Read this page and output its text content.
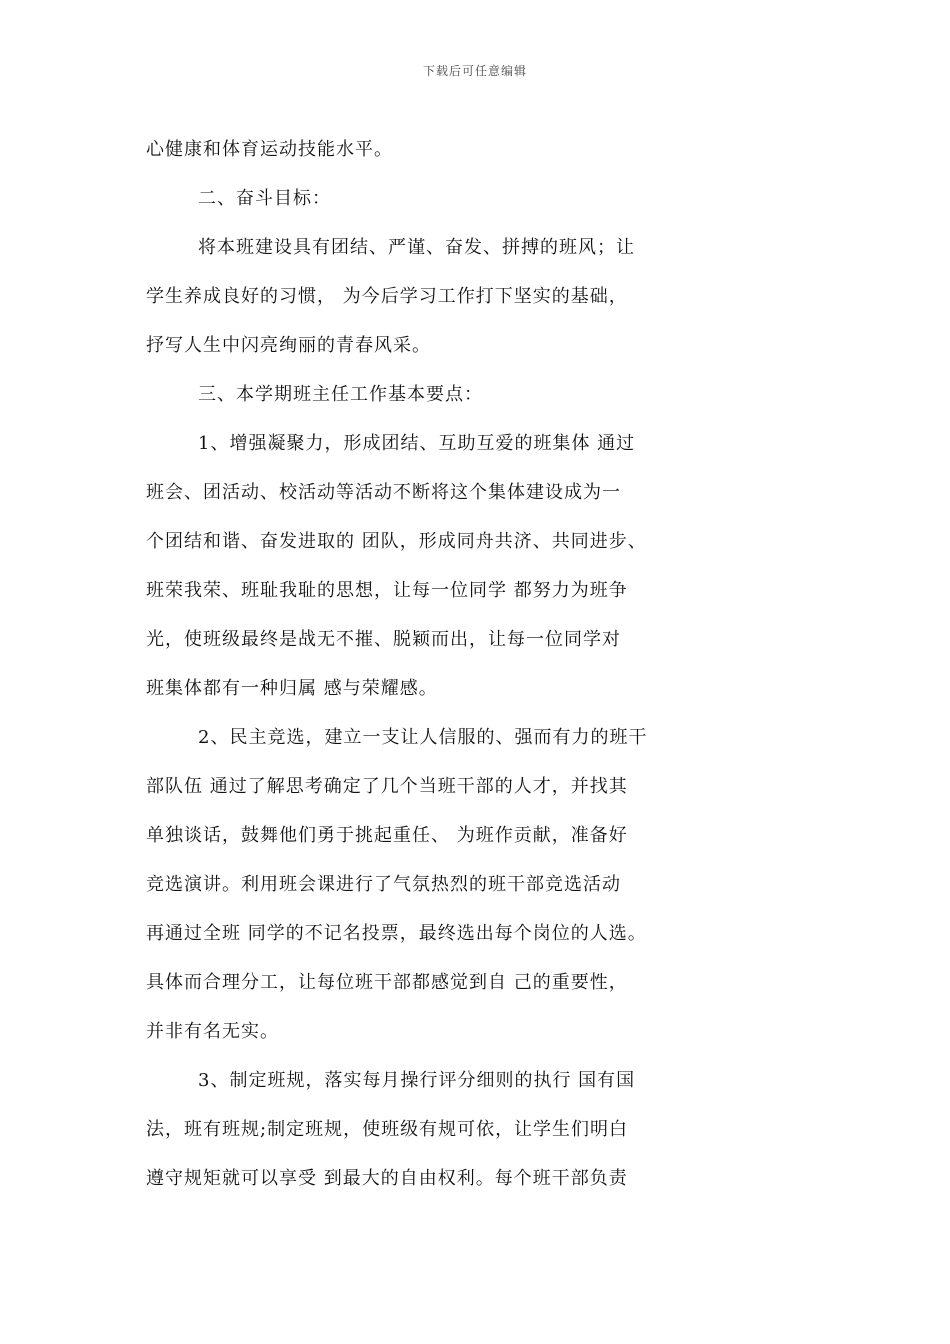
下载后可任意编辑
心健康和体育运动技能水平。
二、奋斗目标：
将本班建设具有团结、严谨、奋发、拼搏的班风；让
学生养成良好的习惯， 为今后学习工作打下坚实的基础，
抒写人生中闪亮绚丽的青春风采。
三、本学期班主任工作基本要点：
1、增强凝聚力，形成团结、互助互爱的班集体 通过
班会、团活动、校活动等活动不断将这个集体建设成为一
个团结和谐、奋发进取的 团队，形成同舟共济、共同进步、
班荣我荣、班耻我耻的思想，让每一位同学 都努力为班争
光，使班级最终是战无不摧、脱颖而出，让每一位同学对
班集体都有一种归属 感与荣耀感。
2、民主竞选，建立一支让人信服的、强而有力的班干
部队伍 通过了解思考确定了几个当班干部的人才，并找其
单独谈话，鼓舞他们勇于挑起重任、 为班作贡献，准备好
竞选演讲。利用班会课进行了气氛热烈的班干部竞选活动
再通过全班 同学的不记名投票，最终选出每个岗位的人选。
具体而合理分工，让每位班干部都感觉到自 己的重要性，
并非有名无实。
3、制定班规，落实每月操行评分细则的执行 国有国
法，班有班规;制定班规，使班级有规可依，让学生们明白
遵守规矩就可以享受 到最大的自由权利。每个班干部负责
